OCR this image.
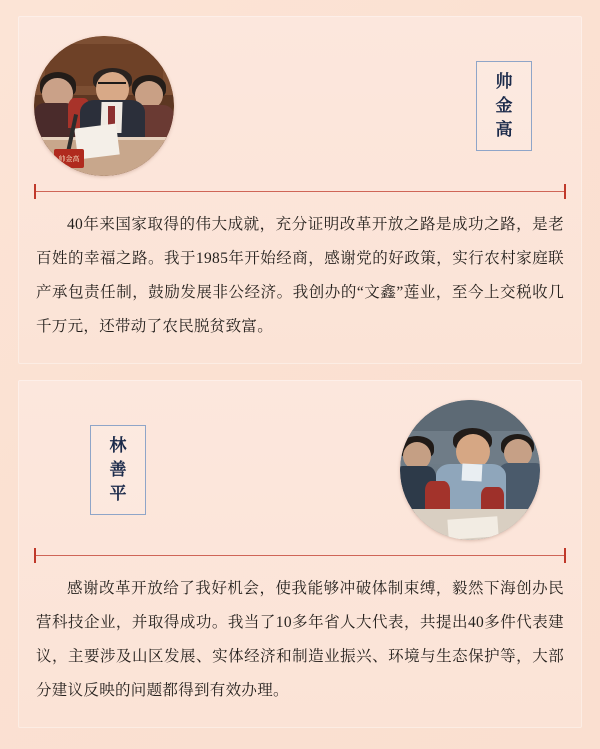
帅金高
帅
金
高

40年来国家取得的伟大成就，充分证明改革开放之路是成功之路，是老百姓的幸福之路。我于1985年开始经商，感谢党的好政策，实行农村家庭联产承包责任制，鼓励发展非公经济。我创办的“文鑫”莲业，至今上交税收几千万元，还带动了农民脱贫致富。

林
善
平

感谢改革开放给了我好机会，使我能够冲破体制束缚，毅然下海创办民营科技企业，并取得成功。我当了10多年省人大代表，共提出40多件代表建议，主要涉及山区发展、实体经济和制造业振兴、环境与生态保护等，大部分建议反映的问题都得到有效办理。
